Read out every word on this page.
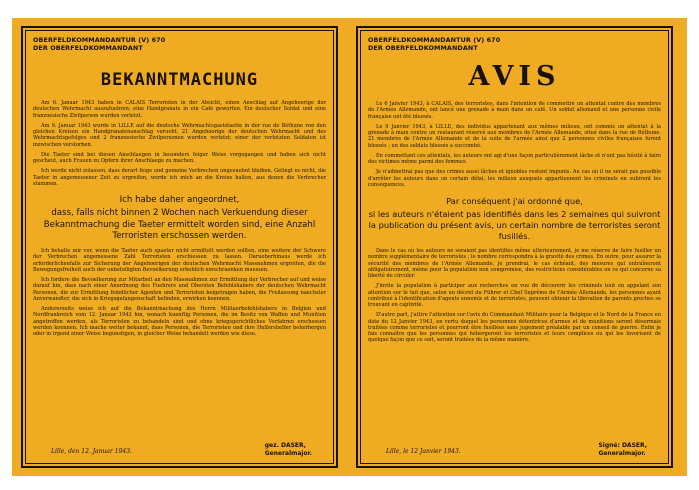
OBERFELDKOMMANDANTUR (V) 670
DER OBERFELDKOMMANDANT
BEKANNTMACHUNG

Am 6. Januar 1943 haben in CALAIS Terroristen in der Absicht, einen Anschlag auf Angehoerige der deutschen Wehrmacht auszufuehren, eine Handgranate in ein Cafe geworfen. Ein deutscher Soldat und eine franzoesische Zivilperson wurden verletzt.

Am 9. Januar 1943 wurde in LILLE auf die deutsche Wehrmachtsgaststaette in der rue de Béthune von den gleichen Kreisen ein Handgranatenanschlag veruebt. 21 Angehoerige der deutschen Wehrmacht und des Wehrmachtsgefolges und 2 franzoesische Zivilpersonen wurden verletzt; einer der verletzten Soldaten ist inzwischen verstorben.

Die Taeter sind bei diesen Anschlaegen in besonders feiger Weise vorgegangen und haben sich nicht gescheut, auch Frauen zu Opfern ihrer Anschlaege zu machen.

Ich werde nicht zulassen, dass derart feige und gemeine Verbrechen ungesuehnt bleiben. Gelingt es nicht, die Taeter in angemessener Zeit zu ergreifen, werde ich mich an die Kreise halten, aus denen die Verbrecher stammen.

Ich habe daher angeordnet,

dass, falls nicht binnen 2 Wochen nach Verkuendung dieser Bekanntmachung die Taeter ermittelt worden sind, eine Anzahl Terroristen erschossen werden.

Ich behalte mir vor, wenn die Taeter auch spaeter nicht ermittelt werden sollten, eine weitere der Schwere der Verbrechen angemessene Zahl Terroristen erschiessen zu lassen. Darueberhinaus werde ich erforderlichenfalls zur Sicherung der Angehoerigen der deutschen Wehrmacht Massnahmen ergreifen, die die Bewegungsfreiheit auch der unbeteiligten Bevoelkerung erheblich einschraenken muessen.

Ich fordere die Bevoelkerung zur Mitarbeit an den Massnahmen zur Ermittlung der Verbrecher auf und weise darauf hin, dass nach einer Anordnung des Fuehrers und Obersten Befehlshabers der deutschen Wehrmacht Personen, die zur Ermittlung feindlicher Agenten und Terroristen beigetragen haben, die Freilassung naechster Anverwandter, die sich in Kriegsgefangenschaft befinden, erwirken koennen.

Andererseits weise ich auf die Bekanntmachung des Herrn Militaerbefehlshabers in Belgien und Nordfrankreich vom 12. Januar 1943 hin, wonach kuenftig Personen, die im Besitz von Waffen und Munition angetroffen werden, als Terroristen zu behandeln sind und ohne kriegsgerichtliches Verfahren erschossen werden koennen. Ich mache weiter bekannt, dass Personen, die Terroristen und ihre Helfershelfer beherbergen oder in irgend einer Weise begunstigen, in gleicher Weise behandelt werden wie diese.

Lille, den 12. Januar 1943.
gez. DASER,
Generalmajor.
OBERFELDKOMMANDANTUR (V) 670
DER OBERFELDKOMMANDANT
AVIS

Le 6 Janvier 1943, à CALAIS, des terroristes, dans l'intention de commettre un attentat contre des membres de l'Armée Allemande, ont lancé une grenade à main dans un café. Un soldat allemand et une personne civile française ont été blessés.

Le 9 Janvier 1943, à LILLE, des individus appartenant aux mêmes milieux, ont commis un attentat à la grenade à main contre un restaurant réservé aux membres de l'Armée Allemande, situé dans la rue de Béthune. 21 membres de l'Armée Allemande et de la suite de l'armée ainsi que 2 personnes civiles françaises furent blessés ; un des soldats blessés a succombé.

En commettant ces attentats, les auteurs ont agi d'une façon particulièrement lâche et n'ont pas hésité à faire des victimes même parmi des femmes.

Je n'admettrai pas que des crimes aussi lâches et ignobles restent impunis. Au cas où il ne serait pas possible d'arrêter les auteurs dans un certain délai, les milieux auxquels appartiennent les criminels en subiront les conséquences.

Par conséquent j'ai ordonné que,

si les auteurs n'étaient pas identifiés dans les 2 semaines qui suivront la publication du présent avis, un certain nombre de terroristes seront fusillés.

Dans le cas où les auteurs ne seraient pas identifiés même ultérieurement, je me réserve de faire fusiller un nombre supplémentaire de terroristes ; le nombre correspondra à la gravité des crimes. En outre, pour assurer la sécurité des membres de l'Armée Allemande, je prendrai, le cas échéant, des mesures qui entraîneront obligatoirement, même pour la population non compromise, des restrictions considérables en ce qui concerne sa liberté de circuler.

J'invite la population à participer aux recherches en vue de découvrir les criminels tout en appelant son attention sur le fait que, selon un décret du Führer et Chef Suprême de l'Armée Allemande, les personnes ayant contribué à l'identification d'agents ennemis et de terroristes, peuvent obtenir la libération de parents proches se trouvant en captivité.

D'autre part, j'attire l'attention sur l'avis du Commandant Militaire pour la Belgique et le Nord de la France en date du 12 Janvier 1943, en vertu duquel les personnes détentrices d'armes et de munitions seront désormais traitées comme terroristes et pourront être fusillées sans jugement préalable par un conseil de guerre. Enfin je fais connaître que les personnes qui hébergeront les terroristes et leurs complices ou qui les favorisent de quelque façon que ce soit, seront traitées de la même manière.

Lille, le 12 Janvier 1943.
Signé: DASER,
Generalmajor.
